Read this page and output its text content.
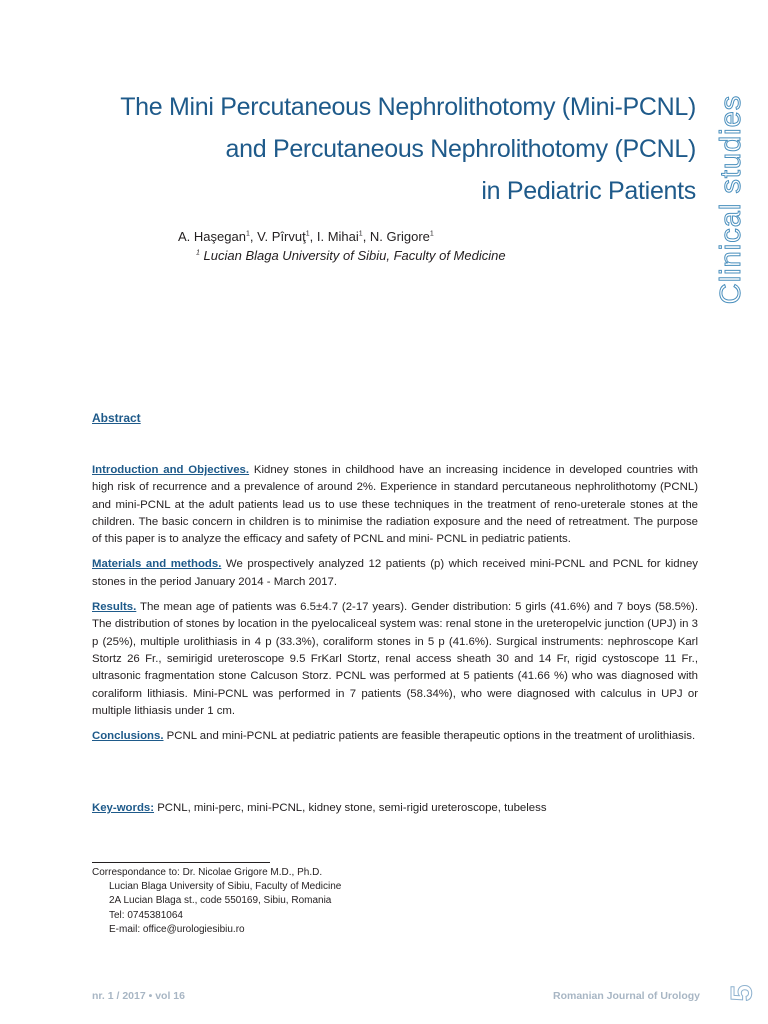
The Mini Percutaneous Nephrolithotomy (Mini-PCNL)
and Percutaneous Nephrolithotomy (PCNL)
in Pediatric Patients Clinical studies
A. Haşegan$^1$, V. Pîrvuţ$^1$, I. Mihai$^1$, N. Grigore$^1$
$^1$ Lucian Blaga University of Sibiu, Faculty of Medicine
Abstract

Introduction and Objectives. Kidney stones in childhood have an increasing incidence in developed countries with high risk of recurrence and a prevalence of around 2%. Experience in standard percutaneous nephrolithotomy (PCNL) and mini-PCNL at the adult patients lead us to use these techniques in the treatment of reno-ureterale stones at the children. The basic concern in children is to minimise the radiation exposure and the need of retreatment. The purpose of this paper is to analyze the efficacy and safety of PCNL and mini- PCNL in pediatric patients.

Materials and methods. We prospectively analyzed 12 patients (p) which received mini-PCNL and PCNL for kidney stones in the period January 2014 - March 2017.

Results. The mean age of patients was 6.5±4.7 (2-17 years). Gender distribution: 5 girls (41.6%) and 7 boys (58.5%). The distribution of stones by location in the pyelocaliceal system was: renal stone in the ureteropelvic junction (UPJ) in 3 p (25%), multiple urolithiasis in 4 p (33.3%), coraliform stones in 5 p (41.6%). Surgical instruments: nephroscope Karl Stortz 26 Fr., semirigid ureteroscope 9.5 FrKarl Stortz, renal access sheath 30 and 14 Fr, rigid cystoscope 11 Fr., ultrasonic fragmentation stone Calcuson Storz. PCNL was performed at 5 patients (41.66 %) who was diagnosed with coraliform lithiasis. Mini-PCNL was performed in 7 patients (58.34%), who were diagnosed with calculus in UPJ or multiple lithiasis under 1 cm.

Conclusions. PCNL and mini-PCNL at pediatric patients are feasible therapeutic options in the treatment of urolithiasis.

Key-words: PCNL, mini-perc, mini-PCNL, kidney stone, semi-rigid ureteroscope, tubeless
Correspondance to: Dr. Nicolae Grigore M.D., Ph.D.
Lucian Blaga University of Sibiu, Faculty of Medicine
2A Lucian Blaga st., code 550169, Sibiu, Romania
Tel: 0745381064
E-mail: office@urologiesibiu.ro
nr. 1 / 2017 • vol 16	Romanian Journal of Urology 5
